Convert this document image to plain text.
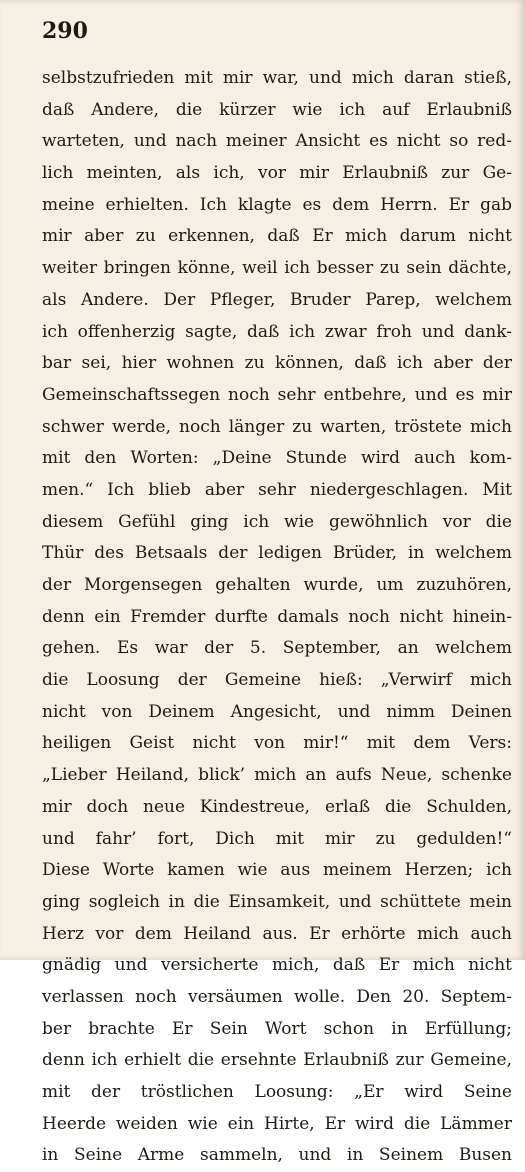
290

selbstzufrieden mit mir war, und mich daran stieß,
daß Andere, die kürzer wie ich auf Erlaubniß
warteten, und nach meiner Ansicht es nicht so red-
lich meinten, als ich, vor mir Erlaubniß zur Ge-
meine erhielten. Ich klagte es dem Herrn. Er gab
mir aber zu erkennen, daß Er mich darum nicht
weiter bringen könne, weil ich besser zu sein dächte,
als Andere. Der Pfleger, Bruder Parep, welchem
ich offenherzig sagte, daß ich zwar froh und dank-
bar sei, hier wohnen zu können, daß ich aber der
Gemeinschaftssegen noch sehr entbehre, und es mir
schwer werde, noch länger zu warten, tröstete mich
mit den Worten: „Deine Stunde wird auch kom-
men.“ Ich blieb aber sehr niedergeschlagen. Mit
diesem Gefühl ging ich wie gewöhnlich vor die
Thür des Betsaals der ledigen Brüder, in welchem
der Morgensegen gehalten wurde, um zuzuhören,
denn ein Fremder durfte damals noch nicht hinein-
gehen. Es war der 5. September, an welchem
die Loosung der Gemeine hieß: „Verwirf mich
nicht von Deinem Angesicht, und nimm Deinen
heiligen Geist nicht von mir!“ mit dem Vers:
„Lieber Heiland, blick’ mich an aufs Neue, schenke
mir doch neue Kindestreue, erlaß die Schulden,
und fahr’ fort, Dich mit mir zu gedulden!“
Diese Worte kamen wie aus meinem Herzen; ich
ging sogleich in die Einsamkeit, und schüttete mein
Herz vor dem Heiland aus. Er erhörte mich auch
gnädig und versicherte mich, daß Er mich nicht
verlassen noch versäumen wolle. Den 20. Septem-
ber brachte Er Sein Wort schon in Erfüllung;
denn ich erhielt die ersehnte Erlaubniß zur Gemeine,
mit der tröstlichen Loosung: „Er wird Seine
Heerde weiden wie ein Hirte, Er wird die Lämmer
in Seine Arme sammeln, und in Seinem Busen
